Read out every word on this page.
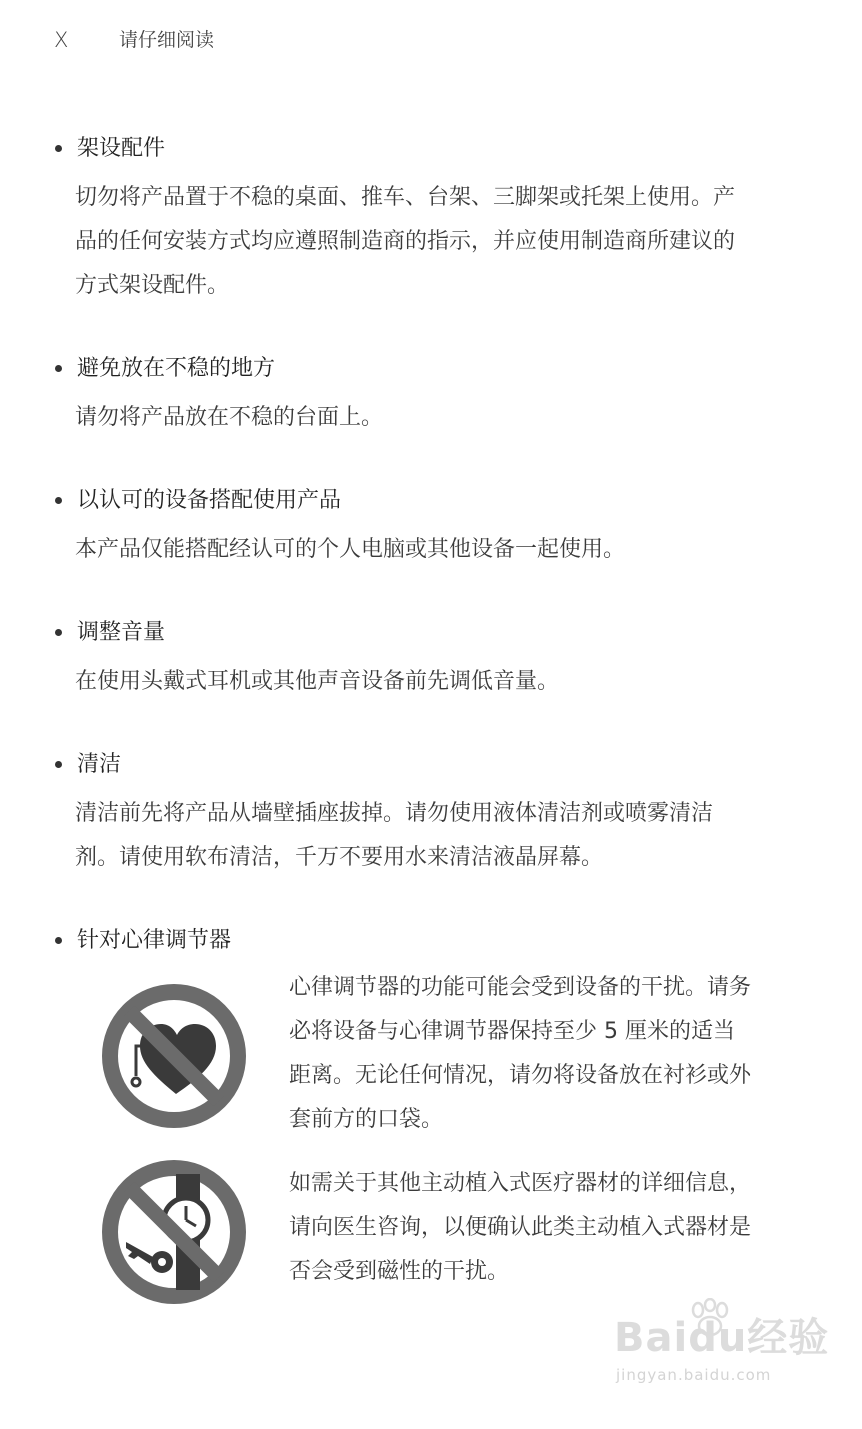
X	请仔细阅读
架设配件
切勿将产品置于不稳的桌面、推车、台架、三脚架或托架上使用。产
品的任何安装方式均应遵照制造商的指示，并应使用制造商所建议的
方式架设配件。
避免放在不稳的地方
请勿将产品放在不稳的台面上。
以认可的设备搭配使用产品
本产品仅能搭配经认可的个人电脑或其他设备一起使用。
调整音量
在使用头戴式耳机或其他声音设备前先调低音量。
清洁
清洁前先将产品从墙壁插座拔掉。请勿使用液体清洁剂或喷雾清洁
剂。请使用软布清洁，千万不要用水来清洁液晶屏幕。
针对心律调节器
心律调节器的功能可能会受到设备的干扰。请务
必将设备与心律调节器保持至少 5 厘米的适当
距离。无论任何情况，请勿将设备放在衬衫或外
套前方的口袋。
如需关于其他主动植入式医疗器材的详细信息，
请向医生咨询，以便确认此类主动植入式器材是
否会受到磁性的干扰。
Baidu经验
jingyan.baidu.com
